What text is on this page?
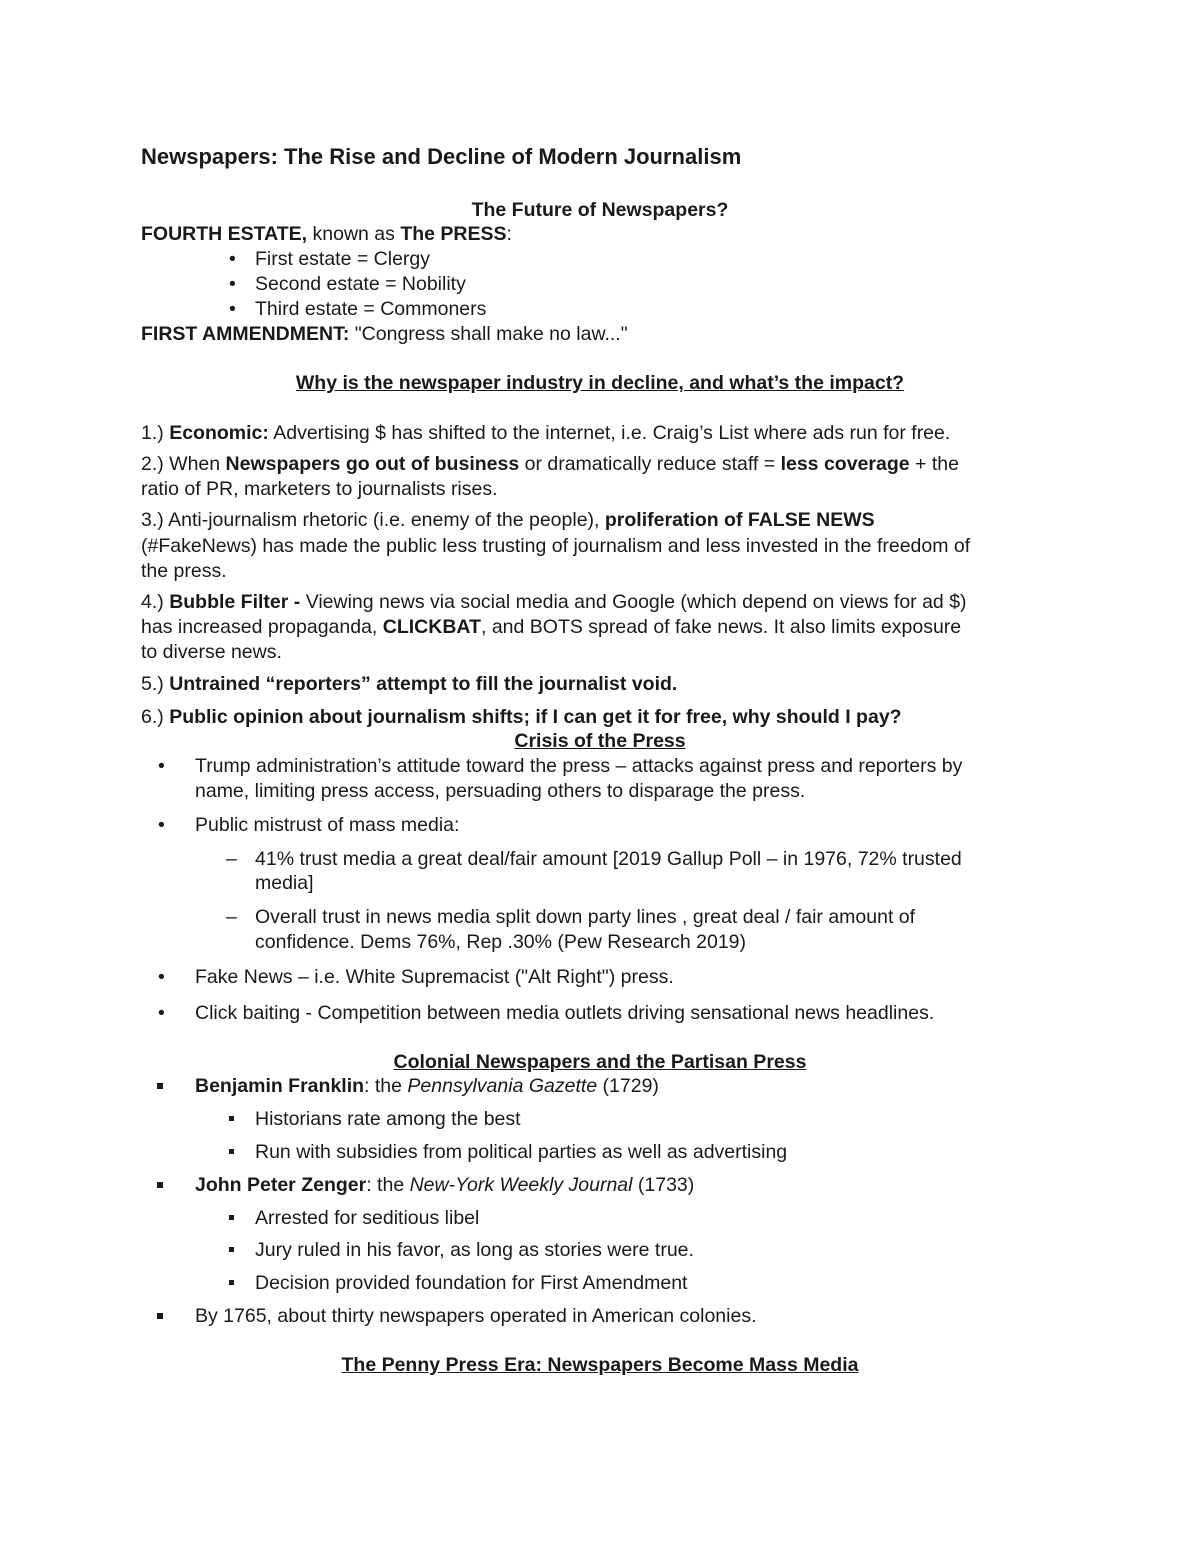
Newspapers: The Rise and Decline of Modern Journalism
The Future of Newspapers?
FOURTH ESTATE, known as The PRESS:
• First estate = Clergy
• Second estate = Nobility
• Third estate = Commoners
FIRST AMMENDMENT: "Congress shall make no law..."
Why is the newspaper industry in decline, and what’s the impact?
1.) Economic: Advertising $ has shifted to the internet, i.e. Craig’s List where ads run for free.
2.) When Newspapers go out of business or dramatically reduce staff = less coverage + the
ratio of PR, marketers to journalists rises.
3.) Anti-journalism rhetoric (i.e. enemy of the people), proliferation of FALSE NEWS
(#FakeNews) has made the public less trusting of journalism and less invested in the freedom of
the press.
4.) Bubble Filter - Viewing news via social media and Google (which depend on views for ad $)
has increased propaganda, CLICKBAT, and BOTS spread of fake news. It also limits exposure
to diverse news.
5.) Untrained “reporters” attempt to fill the journalist void.
6.) Public opinion about journalism shifts; if I can get it for free, why should I pay?
Crisis of the Press
• Trump administration’s attitude toward the press – attacks against press and reporters by
name, limiting press access, persuading others to disparage the press.
• Public mistrust of mass media:
– 41% trust media a great deal/fair amount [2019 Gallup Poll – in 1976, 72% trusted
media]
– Overall trust in news media split down party lines , great deal / fair amount of
confidence. Dems 76%, Rep .30% (Pew Research 2019)
• Fake News – i.e. White Supremacist ("Alt Right") press.
• Click baiting - Competition between media outlets driving sensational news headlines.
Colonial Newspapers and the Partisan Press
Benjamin Franklin: the Pennsylvania Gazette (1729)
Historians rate among the best
Run with subsidies from political parties as well as advertising
John Peter Zenger: the New-York Weekly Journal (1733)
Arrested for seditious libel
Jury ruled in his favor, as long as stories were true.
Decision provided foundation for First Amendment
By 1765, about thirty newspapers operated in American colonies.
The Penny Press Era: Newspapers Become Mass Media
